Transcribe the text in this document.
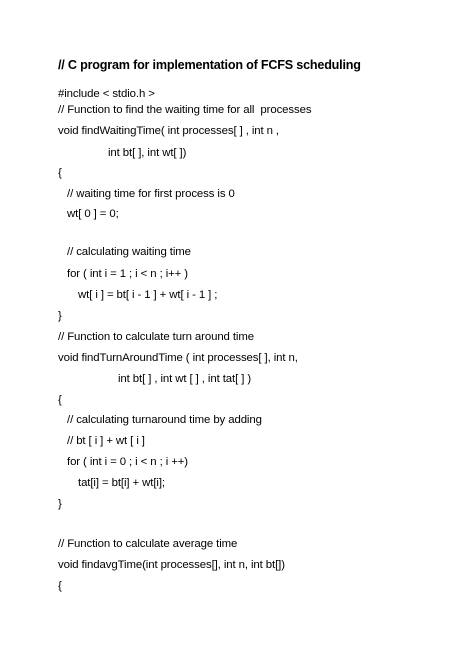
// C program for implementation of FCFS scheduling
#include < stdio.h >
// Function to find the waiting time for all  processes
void findWaitingTime( int processes[ ] , int n ,
int bt[ ], int wt[ ])
{
// waiting time for first process is 0
wt[ 0 ] = 0;
// calculating waiting time
for ( int i = 1 ; i < n ; i++ )
wt[ i ] = bt[ i - 1 ] + wt[ i - 1 ] ;
}
// Function to calculate turn around time
void findTurnAroundTime ( int processes[ ], int n,
int bt[ ] , int wt [ ] , int tat[ ] )
{
// calculating turnaround time by adding
// bt [ i ] + wt [ i ]
for ( int i = 0 ; i < n ; i ++)
tat[i] = bt[i] + wt[i];
}
// Function to calculate average time
void findavgTime(int processes[], int n, int bt[])
{
